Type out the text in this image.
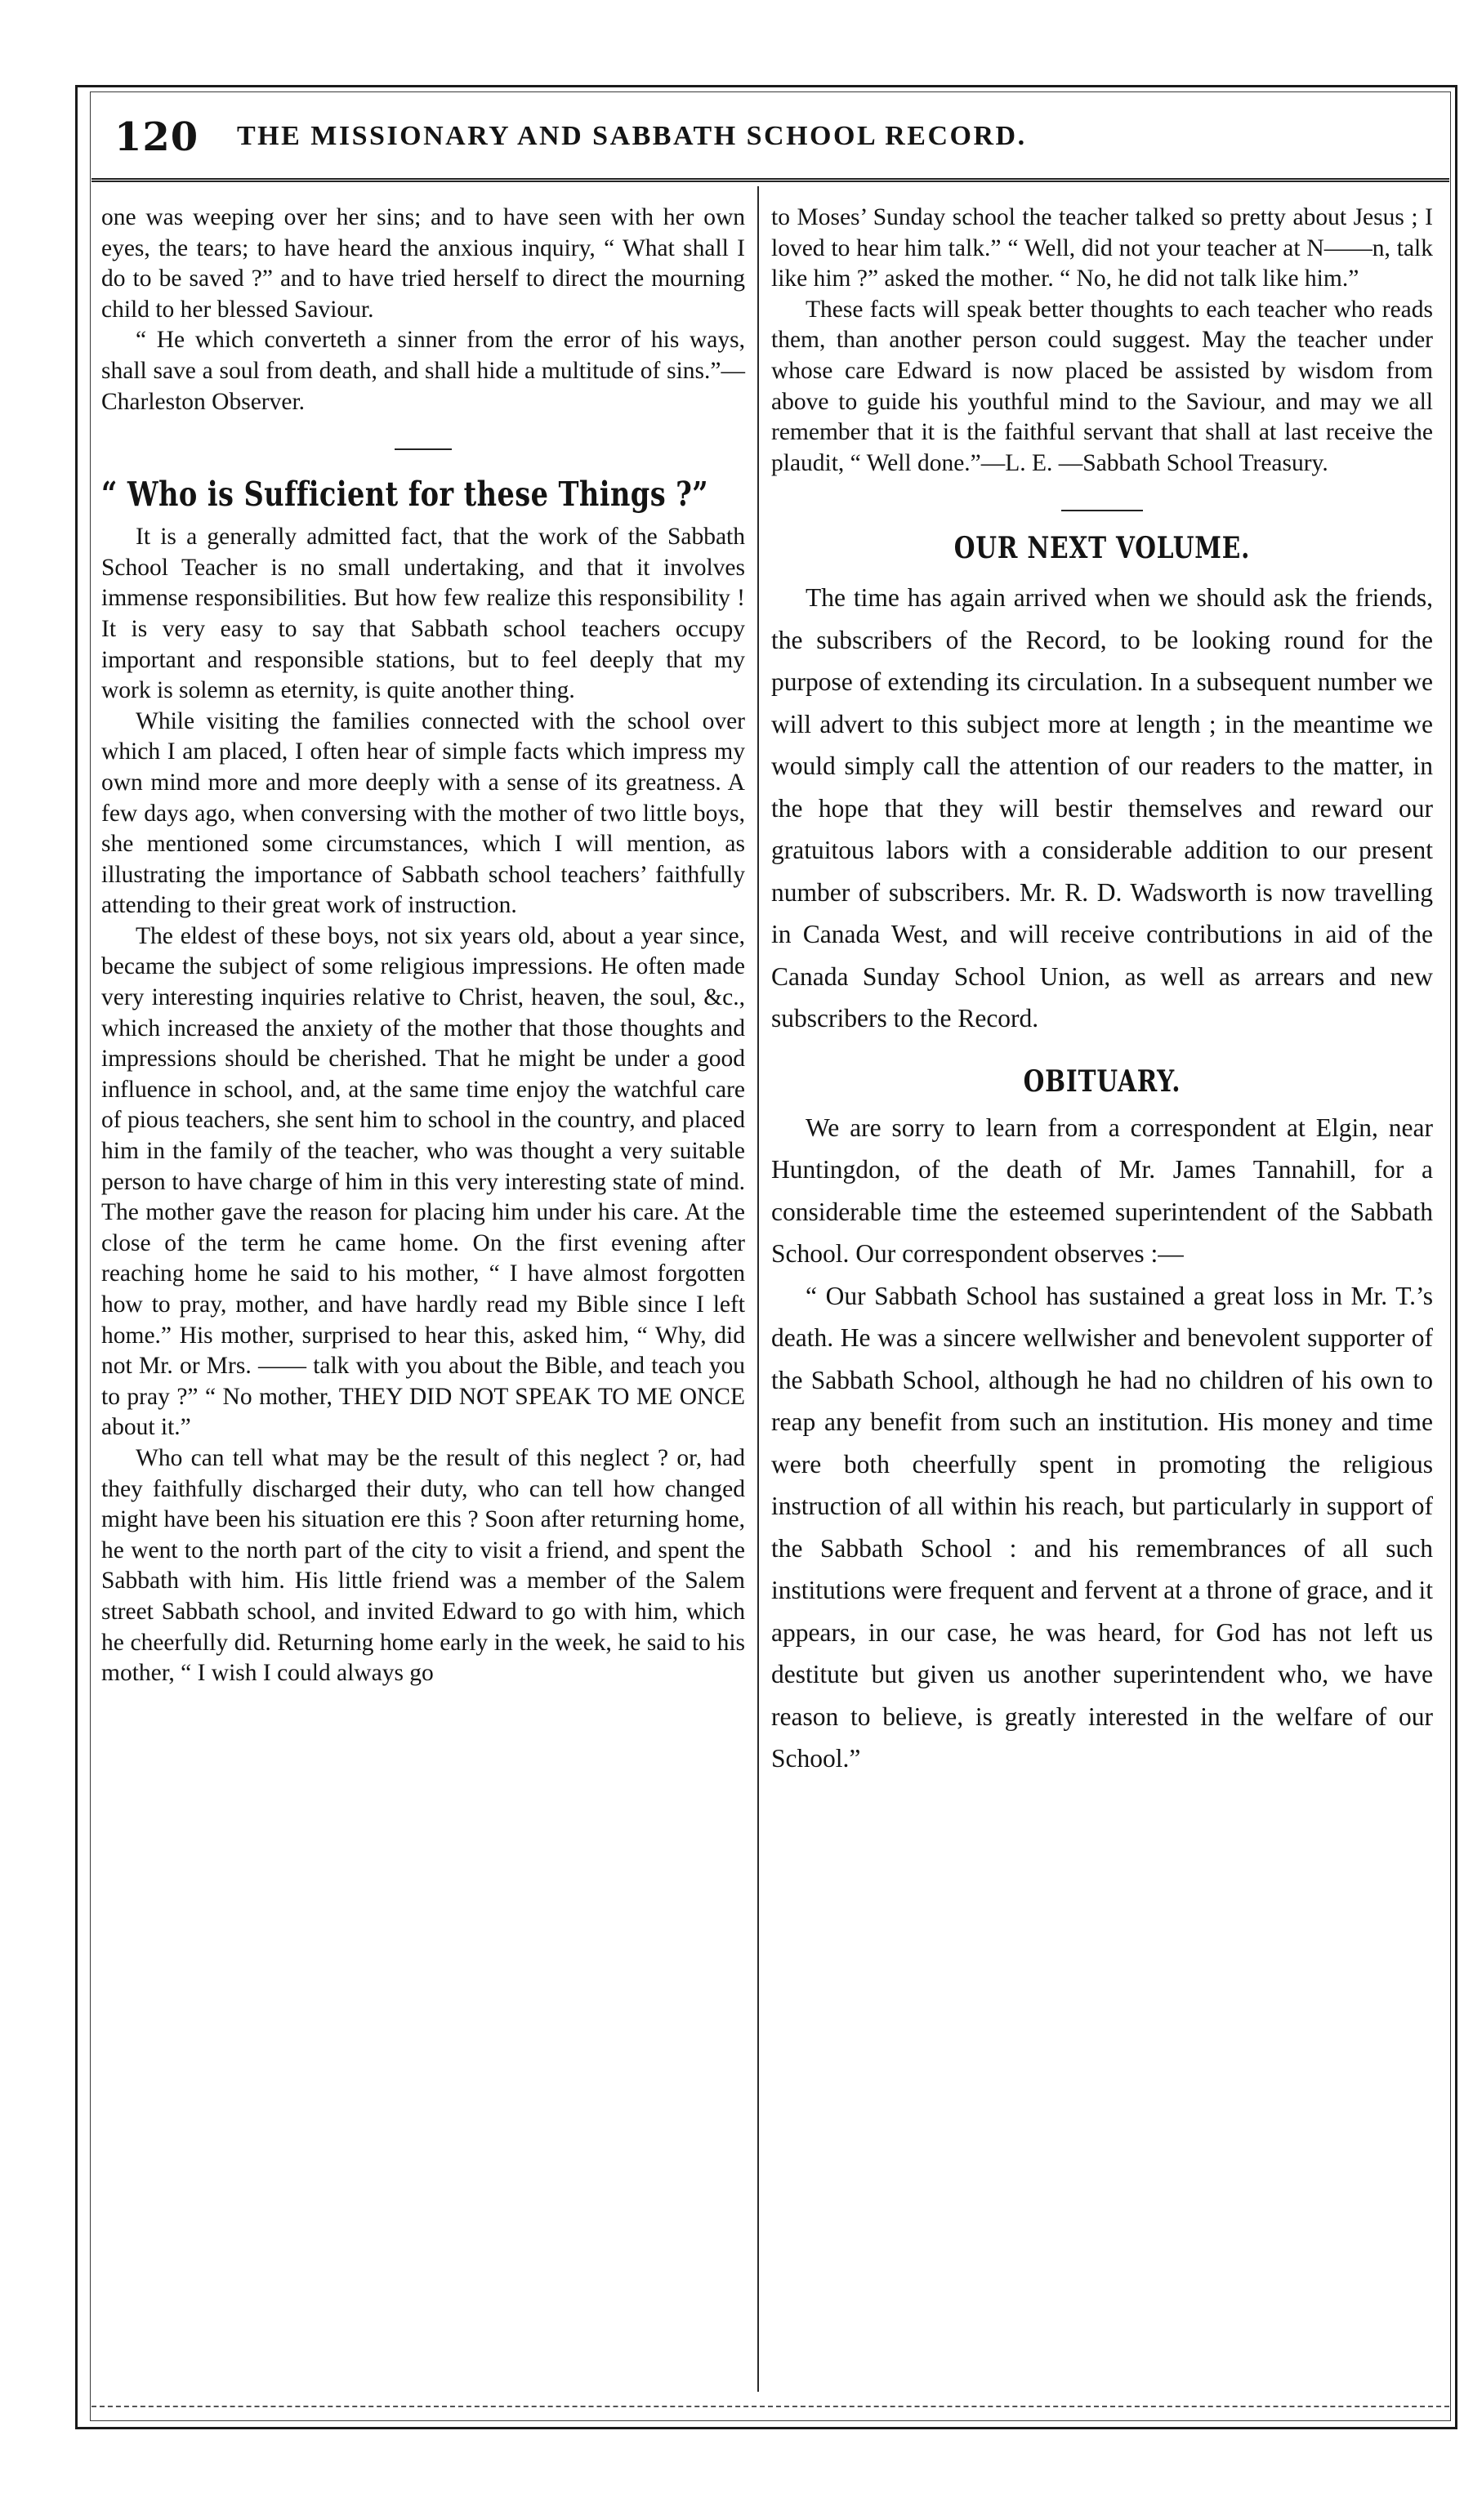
120 THE MISSIONARY AND SABBATH SCHOOL RECORD.

one was weeping over her sins; and to have seen with her own eyes, the tears; to have heard the anxious inquiry, “ What shall I do to be saved ?” and to have tried herself to direct the mourning child to her blessed Saviour.

“ He which converteth a sinner from the error of his ways, shall save a soul from death, and shall hide a multitude of sins.”—Charleston Observer.

“ Who is Sufficient for these Things ?”

It is a generally admitted fact, that the work of the Sabbath School Teacher is no small undertaking, and that it involves immense responsibilities. But how few realize this responsibility ! It is very easy to say that Sabbath school teachers occupy important and responsible stations, but to feel deeply that my work is solemn as eternity, is quite another thing.

While visiting the families connected with the school over which I am placed, I often hear of simple facts which impress my own mind more and more deeply with a sense of its greatness. A few days ago, when conversing with the mother of two little boys, she mentioned some circumstances, which I will mention, as illustrating the importance of Sabbath school teachers’ faithfully attending to their great work of instruction.

The eldest of these boys, not six years old, about a year since, became the subject of some religious impressions. He often made very interesting inquiries relative to Christ, heaven, the soul, &c., which increased the anxiety of the mother that those thoughts and impressions should be cherished. That he might be under a good influence in school, and, at the same time enjoy the watchful care of pious teachers, she sent him to school in the country, and placed him in the family of the teacher, who was thought a very suitable person to have charge of him in this very interesting state of mind. The mother gave the reason for placing him under his care. At the close of the term he came home. On the first evening after reaching home he said to his mother, “ I have almost forgotten how to pray, mother, and have hardly read my Bible since I left home.” His mother, surprised to hear this, asked him, “ Why, did not Mr. or Mrs. —— talk with you about the Bible, and teach you to pray ?” “ No mother, THEY DID NOT SPEAK TO ME ONCE about it.”

Who can tell what may be the result of this neglect ? or, had they faithfully discharged their duty, who can tell how changed might have been his situation ere this ? Soon after returning home, he went to the north part of the city to visit a friend, and spent the Sabbath with him. His little friend was a member of the Salem street Sabbath school, and invited Edward to go with him, which he cheerfully did. Returning home early in the week, he said to his mother, “ I wish I could always go

to Moses’ Sunday school the teacher talked so pretty about Jesus ; I loved to hear him talk.” “ Well, did not your teacher at N——n, talk like him ?” asked the mother. “ No, he did not talk like him.”

These facts will speak better thoughts to each teacher who reads them, than another person could suggest. May the teacher under whose care Edward is now placed be assisted by wisdom from above to guide his youthful mind to the Saviour, and may we all remember that it is the faithful servant that shall at last receive the plaudit, “ Well done.”—L. E. —Sabbath School Treasury.

OUR NEXT VOLUME.

The time has again arrived when we should ask the friends, the subscribers of the Record, to be looking round for the purpose of extending its circulation. In a subsequent number we will advert to this subject more at length ; in the meantime we would simply call the attention of our readers to the matter, in the hope that they will bestir themselves and reward our gratuitous labors with a considerable addition to our present number of subscribers. Mr. R. D. Wadsworth is now travelling in Canada West, and will receive contributions in aid of the Canada Sunday School Union, as well as arrears and new subscribers to the Record.

OBITUARY.

We are sorry to learn from a correspondent at Elgin, near Huntingdon, of the death of Mr. James Tannahill, for a considerable time the esteemed superintendent of the Sabbath School. Our correspondent observes :—

“ Our Sabbath School has sustained a great loss in Mr. T.’s death. He was a sincere wellwisher and benevolent supporter of the Sabbath School, although he had no children of his own to reap any benefit from such an institution. His money and time were both cheerfully spent in promoting the religious instruction of all within his reach, but particularly in support of the Sabbath School : and his remembrances of all such institutions were frequent and fervent at a throne of grace, and it appears, in our case, he was heard, for God has not left us destitute but given us another superintendent who, we have reason to believe, is greatly interested in the welfare of our School.”
